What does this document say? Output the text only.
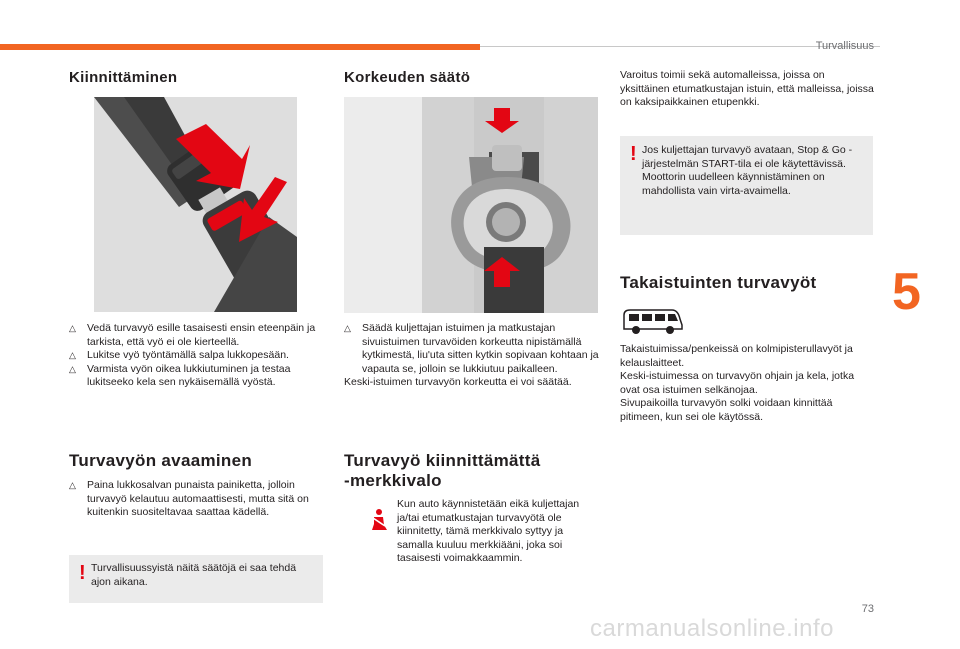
Turvallisuus
5
Kiinnittäminen

△ Vedä turvavyö esille tasaisesti ensin eteenpäin ja tarkista, että vyö ei ole kierteellä.

△ Lukitse vyö työntämällä salpa lukkopesään.

△ Varmista vyön oikea lukkiutuminen ja testaa lukitseeko kela sen nykäisemällä vyöstä.

Turvavyön avaaminen

△ Paina lukkosalvan punaista painiketta, jolloin turvavyö kelautuu automaattisesti, mutta sitä on kuitenkin suositeltavaa saattaa kädellä.

! Turvallisuussyistä näitä säätöjä ei saa tehdä ajon aikana.
Korkeuden säätö

△ Säädä kuljettajan istuimen ja matkustajan sivuistuimen turvavöiden korkeutta nipistämällä kytkimestä, liu'uta sitten kytkin sopivaan kohtaan ja vapauta se, jolloin se lukkiutuu paikalleen.

Keski-istuimen turvavyön korkeutta ei voi säätää.

Turvavyö kiinnittämättä
-merkkivalo
Kun auto käynnistetään eikä kuljettajan ja/tai etumatkustajan turvavyötä ole kiinnitetty, tämä merkkivalo syttyy ja samalla kuuluu merkkiääni, joka soi tasaisesti voimakkaammin.
Varoitus toimii sekä automalleissa, joissa on yksittäinen etumatkustajan istuin, että malleissa, joissa on kaksipaikkainen etupenkki.
! Jos kuljettajan turvavyö avataan, Stop & Go -järjestelmän START-tila ei ole käytettävissä. Moottorin uudelleen käynnistäminen on mahdollista vain virta-avaimella.
Takaistuinten turvavyöt

Takaistuimissa/penkeissä on kolmipisterullavyöt ja kelauslaitteet.

Keski-istuimessa on turvavyön ohjain ja kela, jotka ovat osa istuimen selkänojaa.

Sivupaikoilla turvavyön solki voidaan kinnittää pitimeen, kun sei ole käytössä.

73
carmanualsonline.info
